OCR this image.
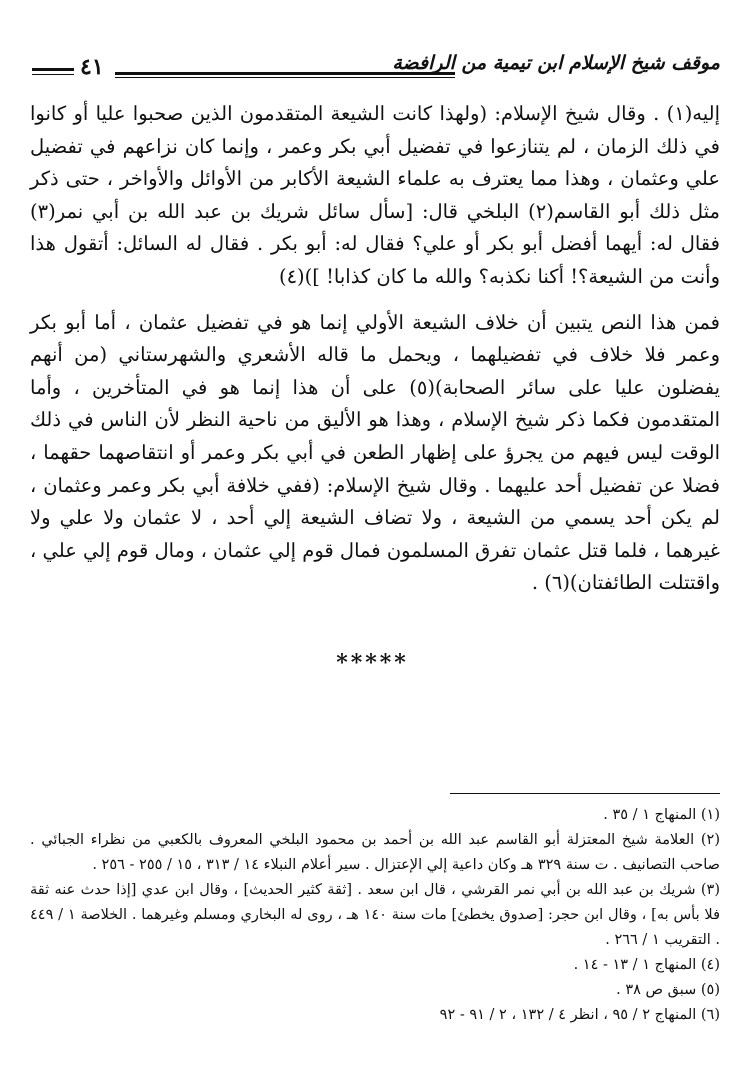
موقف شيخ الإسلام ابن تيمية من الرافضة
٤١

إليه(١) . وقال شيخ الإسلام: (ولهذا كانت الشيعة المتقدمون الذين صحبوا عليا أو كانوا في ذلك الزمان ، لم يتنازعوا في تفضيل أبي بكر وعمر ، وإنما كان نزاعهم في تفضيل علي وعثمان ، وهذا مما يعترف به علماء الشيعة الأكابر من الأوائل والأواخر ، حتى ذكر مثل ذلك أبو القاسم(٢) البلخي قال: [سأل سائل شريك بن عبد الله بن أبي نمر(٣) فقال له: أيهما أفضل أبو بكر أو علي؟ فقال له: أبو بكر . فقال له السائل: أتقول هذا وأنت من الشيعة؟! أكنا نكذبه؟ والله ما كان كذابا! ])(٤)

فمن هذا النص يتبين أن خلاف الشيعة الأولي إنما هو في تفضيل عثمان ، أما أبو بكر وعمر فلا خلاف في تفضيلهما ، ويحمل ما قاله الأشعري والشهرستاني (من أنهم يفضلون عليا على سائر الصحابة)(٥) على أن هذا إنما هو في المتأخرين ، وأما المتقدمون فكما ذكر شيخ الإسلام ، وهذا هو الأليق من ناحية النظر لأن الناس في ذلك الوقت ليس فيهم من يجرؤ على إظهار الطعن في أبي بكر وعمر أو انتقاصهما حقهما ، فضلا عن تفضيل أحد عليهما . وقال شيخ الإسلام: (ففي خلافة أبي بكر وعمر وعثمان ، لم يكن أحد يسمي من الشيعة ، ولا تضاف الشيعة إلي أحد ، لا عثمان ولا علي ولا غيرهما ، فلما قتل عثمان تفرق المسلمون فمال قوم إلي عثمان ، ومال قوم إلي علي ، واقتتلت الطائفتان)(٦) .

*****

(١) المنهاج ١ / ٣٥ .

(٢) العلامة شيخ المعتزلة أبو القاسم عبد الله بن أحمد بن محمود البلخي المعروف بالكعبي من نظراء الجبائي . صاحب التصانيف . ت سنة ٣٢٩ هـ وكان داعية إلي الإعتزال . سير أعلام النبلاء ١٤ / ٣١٣ ، ١٥ / ٢٥٥ - ٢٥٦ .

(٣) شريك بن عبد الله بن أبي نمر القرشي ، قال ابن سعد . [ثقة كثير الحديث] ، وقال ابن عدي [إذا حدث عنه ثقة فلا بأس به] ، وقال ابن حجر: [صدوق يخطئ] مات سنة ١٤٠ هـ ، روى له البخاري ومسلم وغيرهما . الخلاصة ١ / ٤٤٩ . التقريب ١ / ٢٦٦ .

(٤) المنهاج ١ / ١٣ - ١٤ .

(٥) سبق ص ٣٨ .

(٦) المنهاج ٢ / ٩٥ ، انظر ٤ / ١٣٢ ، ٢ / ٩١ - ٩٢
